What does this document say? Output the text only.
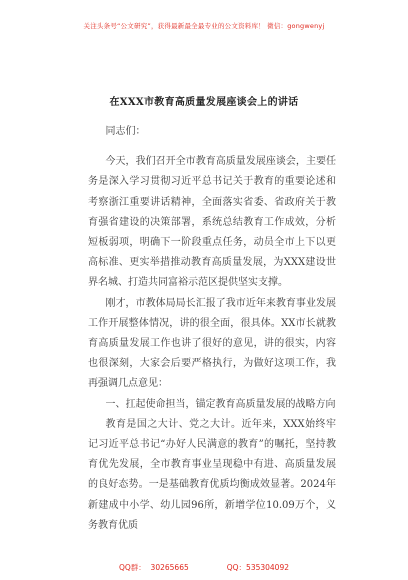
关注头条号“公文研究”，获得最新最全最专业的公文资料库！ 微信：gongwenyj
在XXX市教育高质量发展座谈会上的讲话

同志们：

今天，我们召开全市教育高质量发展座谈会，主要任务是深入学习贯彻习近平总书记关于教育的重要论述和考察浙江重要讲话精神，全面落实省委、省政府关于教育强省建设的决策部署，系统总结教育工作成效，分析短板弱项，明确下一阶段重点任务，动员全市上下以更高标准、更实举措推动教育高质量发展，为XXX建设世界名城、打造共同富裕示范区提供坚实支撑。

刚才，市教体局局长汇报了我市近年来教育事业发展工作开展整体情况，讲的很全面，很具体。XX市长就教育高质量发展工作也讲了很好的意见，讲的很实，内容也很深刻，大家会后要严格执行，为做好这项工作，我再强调几点意见：

一、扛起使命担当，锚定教育高质量发展的战略方向

教育是国之大计、党之大计。近年来，XXX始终牢记习近平总书记“办好人民满意的教育”的嘱托，坚持教育优先发展，全市教育事业呈现稳中有进、高质量发展的良好态势。一是基础教育优质均衡成效显著。2024年新建成中小学、幼儿园96所，新增学位10.09万个，义务教育优质

QQ群：  30265665	QQ：535304092
